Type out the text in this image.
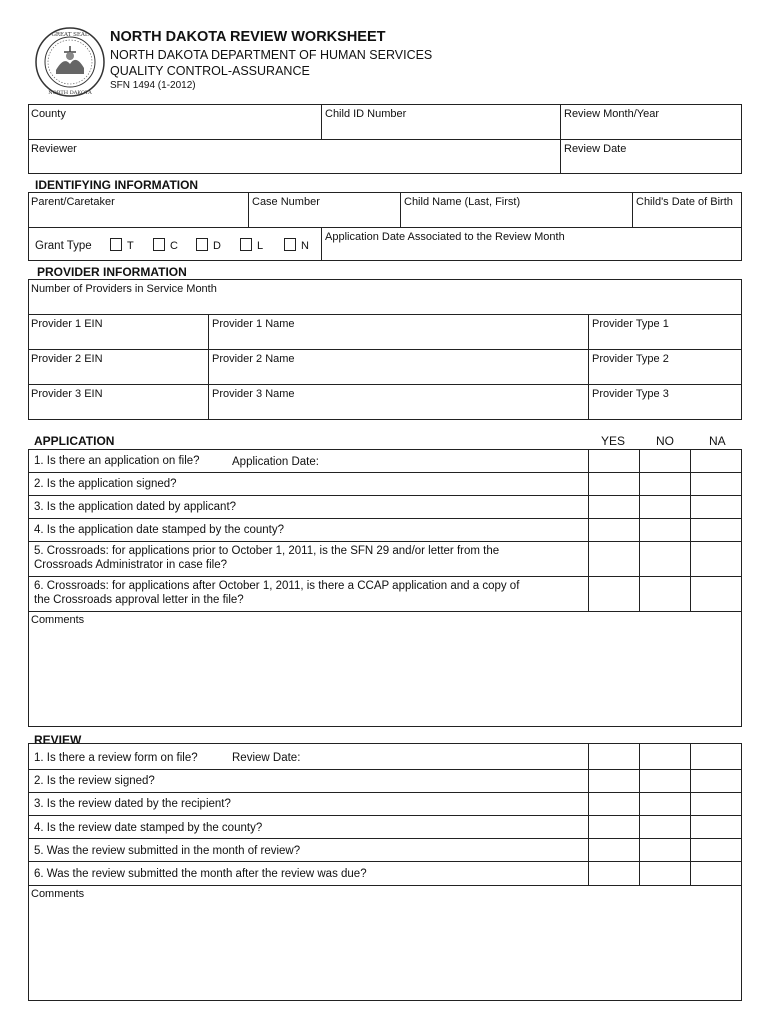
GREAT SEAL
NORTH DAKOTA
NORTH DAKOTA REVIEW WORKSHEET
NORTH DAKOTA DEPARTMENT OF HUMAN SERVICES
QUALITY CONTROL-ASSURANCE
SFN 1494 (1-2012)
County	Child ID Number	Review Month/Year
Reviewer	Review Date
IDENTIFYING INFORMATION
Parent/Caretaker	Case Number	Child Name (Last, First)	Child's Date of Birth
Grant Type	T	C	D	L	N
Application Date Associated to the Review Month
PROVIDER INFORMATION
Number of Providers in Service Month
Provider 1 EIN	Provider 1 Name	Provider Type 1
Provider 2 EIN	Provider 2 Name	Provider Type 2
Provider 3 EIN	Provider 3 Name	Provider Type 3
APPLICATION	YES	NO	NA
1. Is there an application on file?	Application Date:
2. Is the application signed?
3. Is the application dated by applicant?
4. Is the application date stamped by the county?
5. Crossroads: for applications prior to October 1, 2011, is the SFN 29 and/or letter from the
Crossroads Administrator in case file?
6. Crossroads: for applications after October 1, 2011, is there a CCAP application and a copy of
the Crossroads approval letter in the file?
Comments
REVIEW
1. Is there a review form on file?	Review Date:
2. Is the review signed?
3. Is the review dated by the recipient?
4. Is the review date stamped by the county?
5. Was the review submitted in the month of review?
6. Was the review submitted the month after the review was due?
Comments
